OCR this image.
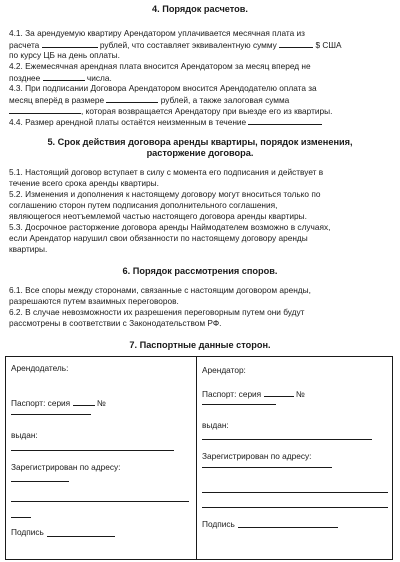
4. Порядок расчетов.
4.1. За арендуемую квартиру Арендатором уплачивается месячная плата из
расчета	рублей, что составляет эквивалентную сумму	$ США
по курсу ЦБ на день оплаты.
4.2. Ежемесячная арендная плата вносится Арендатором за месяц вперед не
позднее	числа.
4.3. При подписании Договора Арендатором вносится Арендодателю оплата за
месяц вперёд в размере	рублей, а также залоговая сумма
, которая возвращается Арендатору при выезде его из квартиры.
4.4. Размер арендной платы остаётся неизменным в течение
5. Срок действия договора аренды квартиры, порядок изменения,
расторжение договора.
5.1. Настоящий договор вступает в силу с момента его подписания и действует в
течение всего срока аренды квартиры.
5.2. Изменения и дополнения к настоящему договору могут вноситься только по
соглашению сторон путем подписания дополнительного соглашения,
являющегося неотъемлемой частью настоящего договора аренды квартиры.
5.3. Досрочное расторжение договора аренды Наймодателем возможно в случаях,
если Арендатор нарушил свои обязанности по настоящему договору аренды
квартиры.
6. Порядок рассмотрения споров.
6.1. Все споры между сторонами, связанные с настоящим договором аренды,
разрешаются путем взаимных переговоров.
6.2. В случае невозможности их разрешения переговорным путем они будут
рассмотрены в соответствии с Законодательством РФ.
7. Паспортные данные сторон.
Арендодатель:
Паспорт: серия	№
выдан:
Зарегистрирован по адресу:
Подпись
Арендатор:
Паспорт: серия	№
выдан:
Зарегистрирован по адресу:
Подпись
